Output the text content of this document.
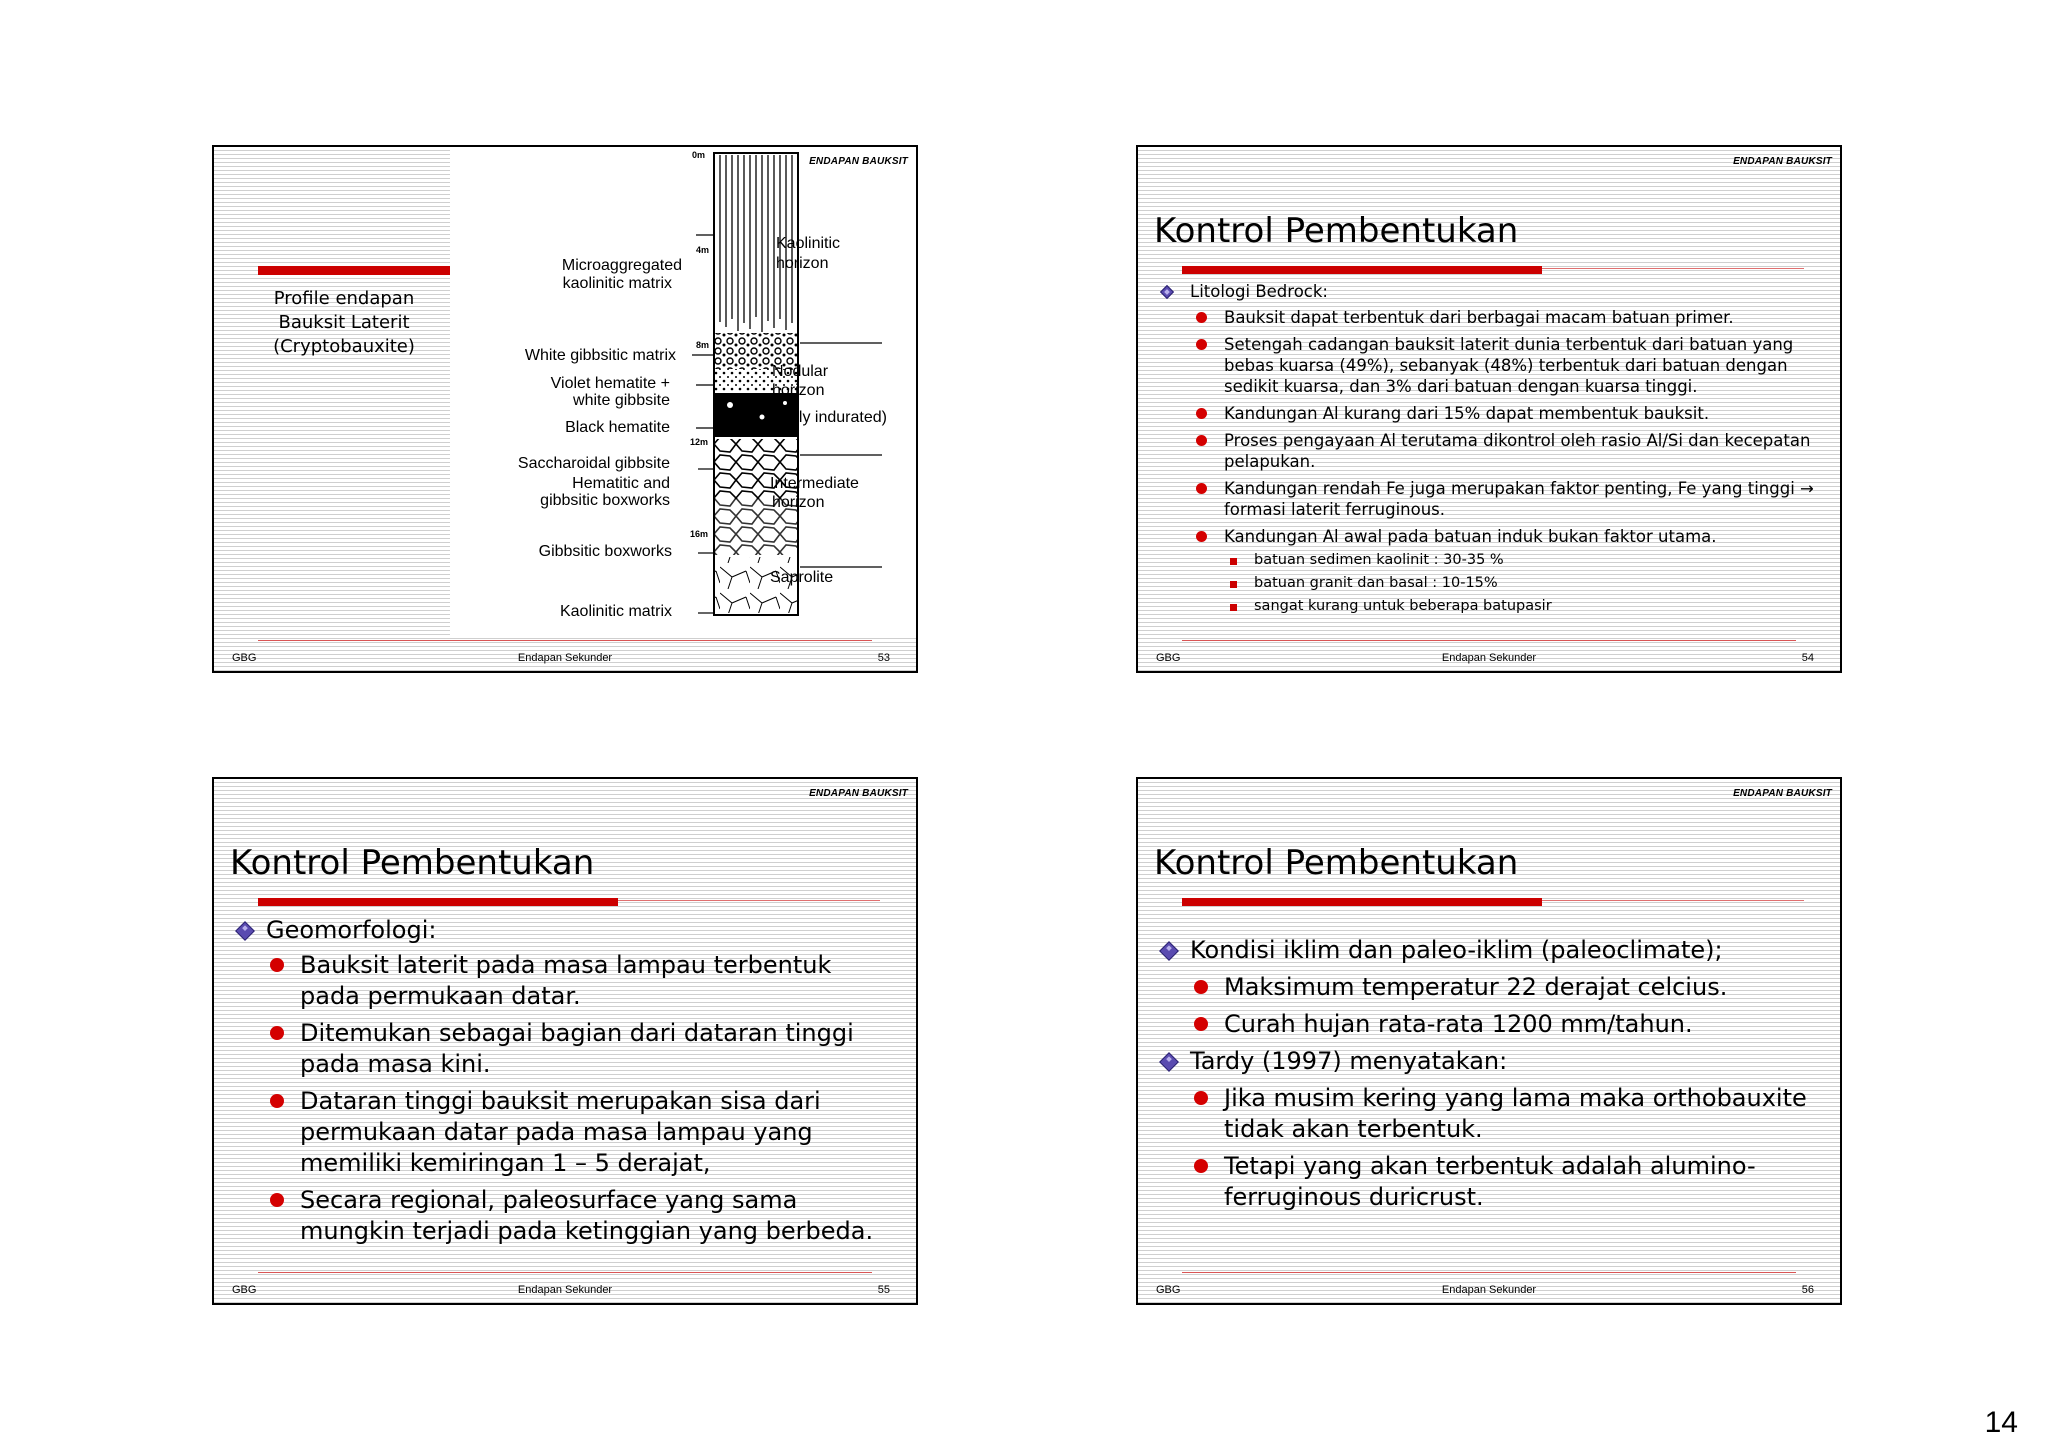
0m
4m
8m
12m
16m
Microaggregated
kaolinitic matrix
White gibbsitic matrix
Violet hematite +
white gibbsite
Black hematite
Saccharoidal gibbsite
Hematitic and
gibbsitic boxworks
Gibbsitic boxworks
Kaolinitic matrix
Kaolinitic
horizon
Nodular
horizon
(partly indurated)
Intermediate
horizon
Saprolite
ENDAPAN BAUKSIT
Profile endapan
Bauksit Laterit
(Cryptobauxite)
GBG	Endapan Sekunder	53
ENDAPAN BAUKSIT
Kontrol Pembentukan
Litologi Bedrock:
Bauksit dapat terbentuk dari berbagai macam batuan primer.
Setengah cadangan bauksit laterit dunia terbentuk dari batuan yang bebas kuarsa (49%), sebanyak (48%) terbentuk dari batuan dengan sedikit kuarsa, dan 3% dari batuan dengan kuarsa tinggi.
Kandungan Al kurang dari 15% dapat membentuk bauksit.
Proses pengayaan Al terutama dikontrol oleh rasio Al/Si dan kecepatan pelapukan.
Kandungan rendah Fe juga merupakan faktor penting, Fe yang tinggi → formasi laterit ferruginous.
Kandungan Al awal pada batuan induk bukan faktor utama.
batuan sedimen kaolinit : 30-35 %
batuan granit dan basal : 10-15%
sangat kurang untuk beberapa batupasir
GBG	Endapan Sekunder	54
ENDAPAN BAUKSIT
Kontrol Pembentukan
Geomorfologi:
Bauksit laterit pada masa lampau terbentuk pada permukaan datar.
Ditemukan sebagai bagian dari dataran tinggi pada masa kini.
Dataran tinggi bauksit merupakan sisa dari permukaan datar pada masa lampau yang memiliki kemiringan 1 – 5 derajat,
Secara regional, paleosurface yang sama mungkin terjadi pada ketinggian yang berbeda.
GBG	Endapan Sekunder	55
ENDAPAN BAUKSIT
Kontrol Pembentukan
Kondisi iklim dan paleo-iklim (paleoclimate);
Maksimum temperatur 22 derajat celcius.
Curah hujan rata-rata 1200 mm/tahun.
Tardy (1997) menyatakan:
Jika musim kering yang lama maka orthobauxite tidak akan terbentuk.
Tetapi yang akan terbentuk adalah alumino-ferruginous duricrust.
GBG	Endapan Sekunder	56
14
